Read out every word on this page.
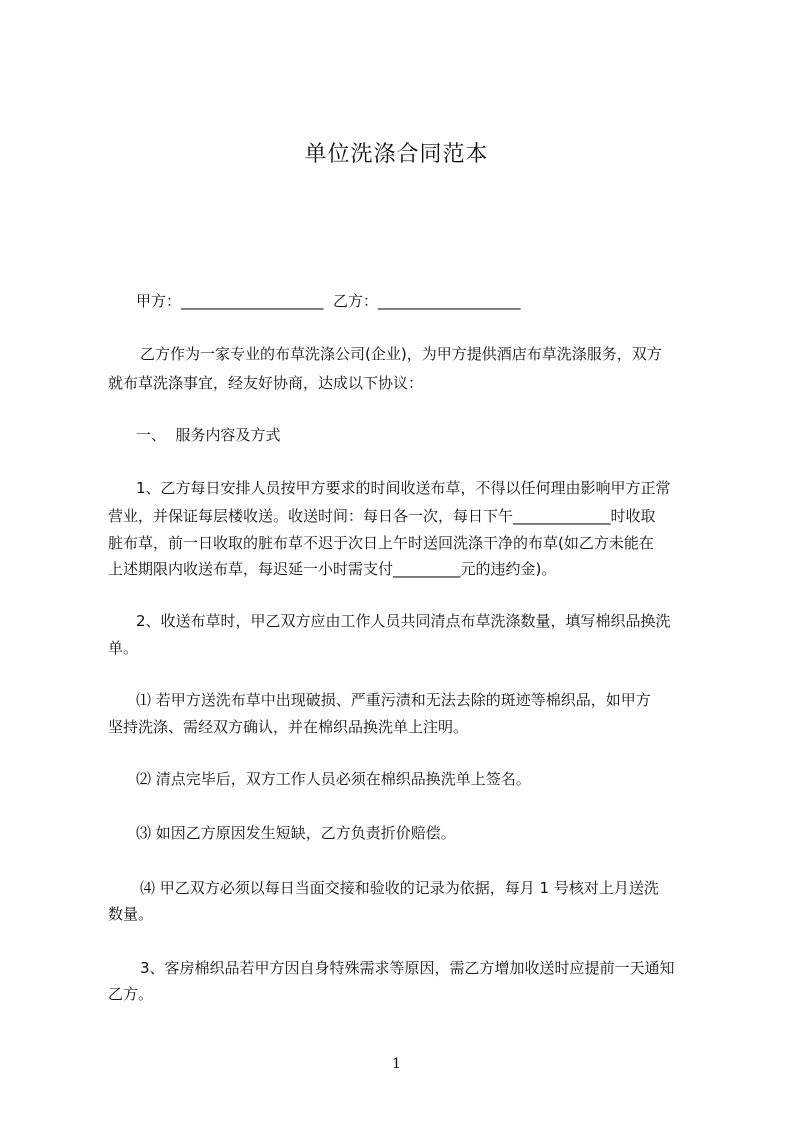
单位洗涤合同范本
甲方：___________________  乙方：___________________
乙方作为一家专业的布草洗涤公司(企业)，为甲方提供酒店布草洗涤服务，双方
就布草洗涤事宜，经友好协商，达成以下协议：
一、  服务内容及方式
1、乙方每日安排人员按甲方要求的时间收送布草，不得以任何理由影响甲方正常
营业，并保证每层楼收送。收送时间：每日各一次，每日下午_____________时收取
脏布草，前一日收取的脏布草不迟于次日上午时送回洗涤干净的布草(如乙方未能在
上述期限内收送布草，每迟延一小时需支付_________元的违约金)。
2、收送布草时，甲乙双方应由工作人员共同清点布草洗涤数量，填写棉织品换洗
单。
⑴ 若甲方送洗布草中出现破损、严重污渍和无法去除的斑迹等棉织品，如甲方
坚持洗涤、需经双方确认，并在棉织品换洗单上注明。
⑵ 清点完毕后，双方工作人员必须在棉织品换洗单上签名。
⑶ 如因乙方原因发生短缺，乙方负责折价赔偿。
⑷ 甲乙双方必须以每日当面交接和验收的记录为依据，每月 1 号核对上月送洗
数量。
3、客房棉织品若甲方因自身特殊需求等原因，需乙方增加收送时应提前一天通知
乙方。
1
